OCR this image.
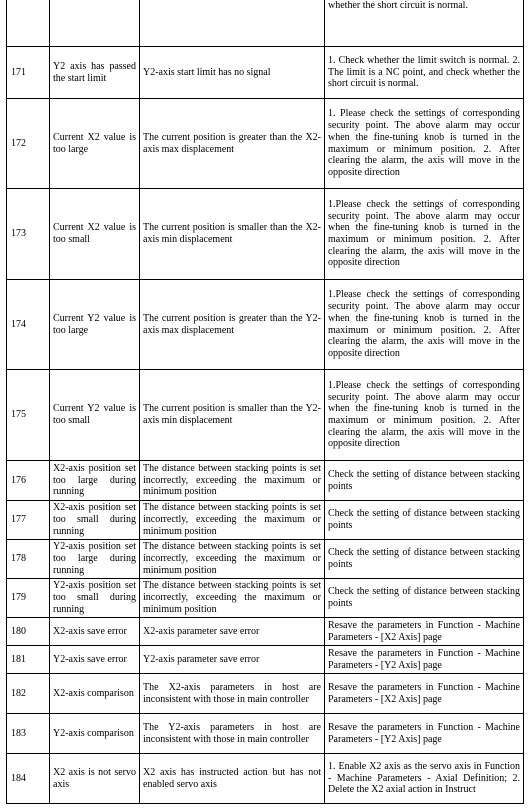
			whether the short circuit is normal.
171	Y2 axis has passed the start limit	Y2-axis start limit has no signal	1. Check whether the limit switch is normal. 2. The limit is a NC point, and check whether the short circuit is normal.
172	Current X2 value is too large	The current position is greater than the X2-axis max displacement	1. Please check the settings of corresponding security point. The above alarm may occur when the fine-tuning knob is turned in the maximum or minimum position. 2. After clearing the alarm, the axis will move in the opposite direction
173	Current X2 value is too small	The current position is smaller than the X2-axis min displacement	1.Please check the settings of corresponding security point. The above alarm may occur when the fine-tuning knob is turned in the maximum or minimum position. 2. After clearing the alarm, the axis will move in the opposite direction
174	Current Y2 value is too large	The current position is greater than the Y2-axis max displacement	1.Please check the settings of corresponding security point. The above alarm may occur when the fine-tuning knob is turned in the maximum or minimum position. 2. After clearing the alarm, the axis will move in the opposite direction
175	Current Y2 value is too small	The current position is smaller than the Y2-axis min displacement	1.Please check the settings of corresponding security point. The above alarm may occur when the fine-tuning knob is turned in the maximum or minimum position. 2. After clearing the alarm, the axis will move in the opposite direction
176	X2-axis position set too large during running	The distance between stacking points is set incorrectly, exceeding the maximum or minimum position	Check the setting of distance between stacking points
177	X2-axis position set too small during running	The distance between stacking points is set incorrectly, exceeding the maximum or minimum position	Check the setting of distance between stacking points
178	Y2-axis position set too large during running	The distance between stacking points is set incorrectly, exceeding the maximum or minimum position	Check the setting of distance between stacking points
179	Y2-axis position set too small during running	The distance between stacking points is set incorrectly, exceeding the maximum or minimum position	Check the setting of distance between stacking points
180	X2-axis save error	X2-axis parameter save error	Resave the parameters in Function - Machine Parameters - [X2 Axis] page
181	Y2-axis save error	Y2-axis parameter save error	Resave the parameters in Function - Machine Parameters - [Y2 Axis] page
182	X2-axis comparison	The X2-axis parameters in host are inconsistent with those in main controller	Resave the parameters in Function - Machine Parameters - [X2 Axis] page
183	Y2-axis comparison	The Y2-axis parameters in host are inconsistent with those in main controller	Resave the parameters in Function - Machine Parameters - [Y2 Axis] page
184	X2 axis is not servo axis	X2 axis has instructed action but has not enabled servo axis	1. Enable X2 axis as the servo axis in Function - Machine Parameters - Axial Definition; 2. Delete the X2 axial action in Instruct
